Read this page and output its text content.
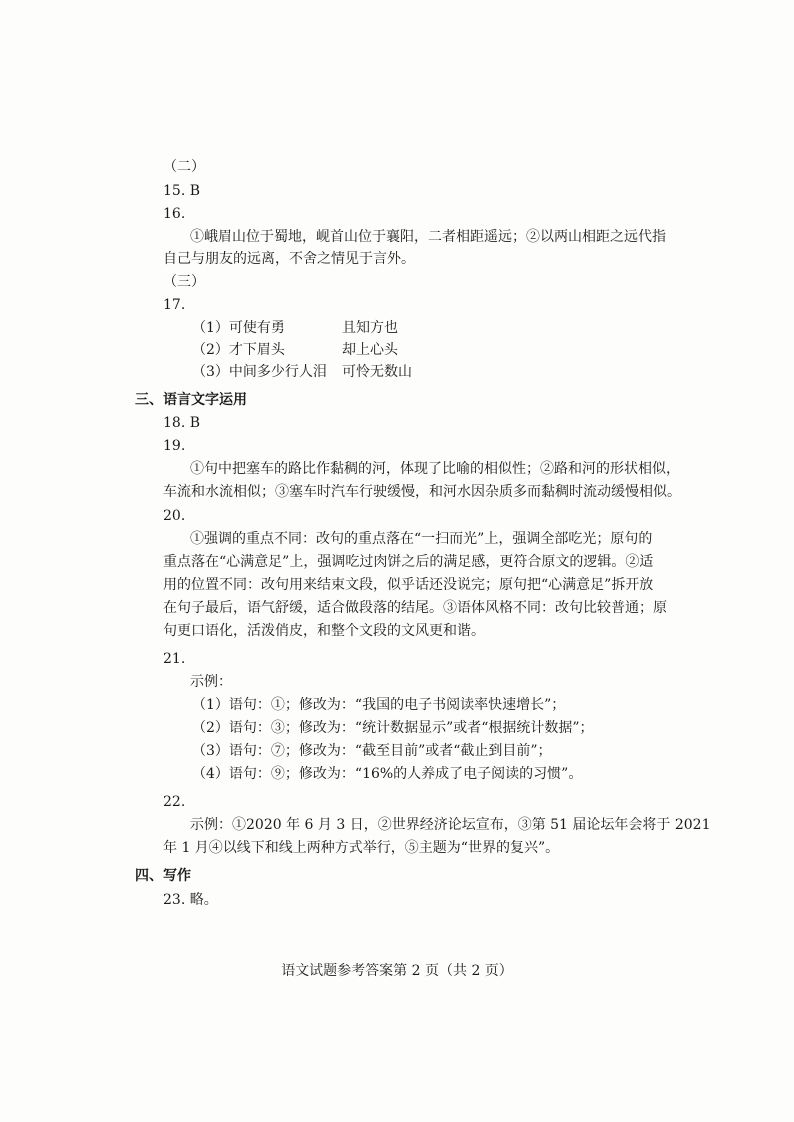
（二）
15. B
16.
①峨眉山位于蜀地，岘首山位于襄阳，二者相距遥远；②以两山相距之远代指
自己与朋友的远离，不舍之情见于言外。
（三）
17.
（1）可使有勇	且知方也
（2）才下眉头	却上心头
（3）中间多少行人泪 可怜无数山
三、语言文字运用
18. B
19.
①句中把塞车的路比作黏稠的河，体现了比喻的相似性；②路和河的形状相似，
车流和水流相似；③塞车时汽车行驶缓慢，和河水因杂质多而黏稠时流动缓慢相似。
20.
①强调的重点不同：改句的重点落在“一扫而光”上，强调全部吃光；原句的
重点落在“心满意足”上，强调吃过肉饼之后的满足感，更符合原文的逻辑。②适
用的位置不同：改句用来结束文段，似乎话还没说完；原句把“心满意足”拆开放
在句子最后，语气舒缓，适合做段落的结尾。③语体风格不同：改句比较普通；原
句更口语化，活泼俏皮，和整个文段的文风更和谐。
21.
示例：
（1）语句：①；修改为：“我国的电子书阅读率快速增长”；
（2）语句：③；修改为：“统计数据显示”或者“根据统计数据”；
（3）语句：⑦；修改为：“截至目前”或者“截止到目前”；
（4）语句：⑨；修改为：“16%的人养成了电子阅读的习惯”。
22.
示例：①2020 年 6 月 3 日，②世界经济论坛宣布，③第 51 届论坛年会将于 2021
年 1 月④以线下和线上两种方式举行，⑤主题为“世界的复兴”。
四、写作
23. 略。
语文试题参考答案第 2 页（共 2 页）
